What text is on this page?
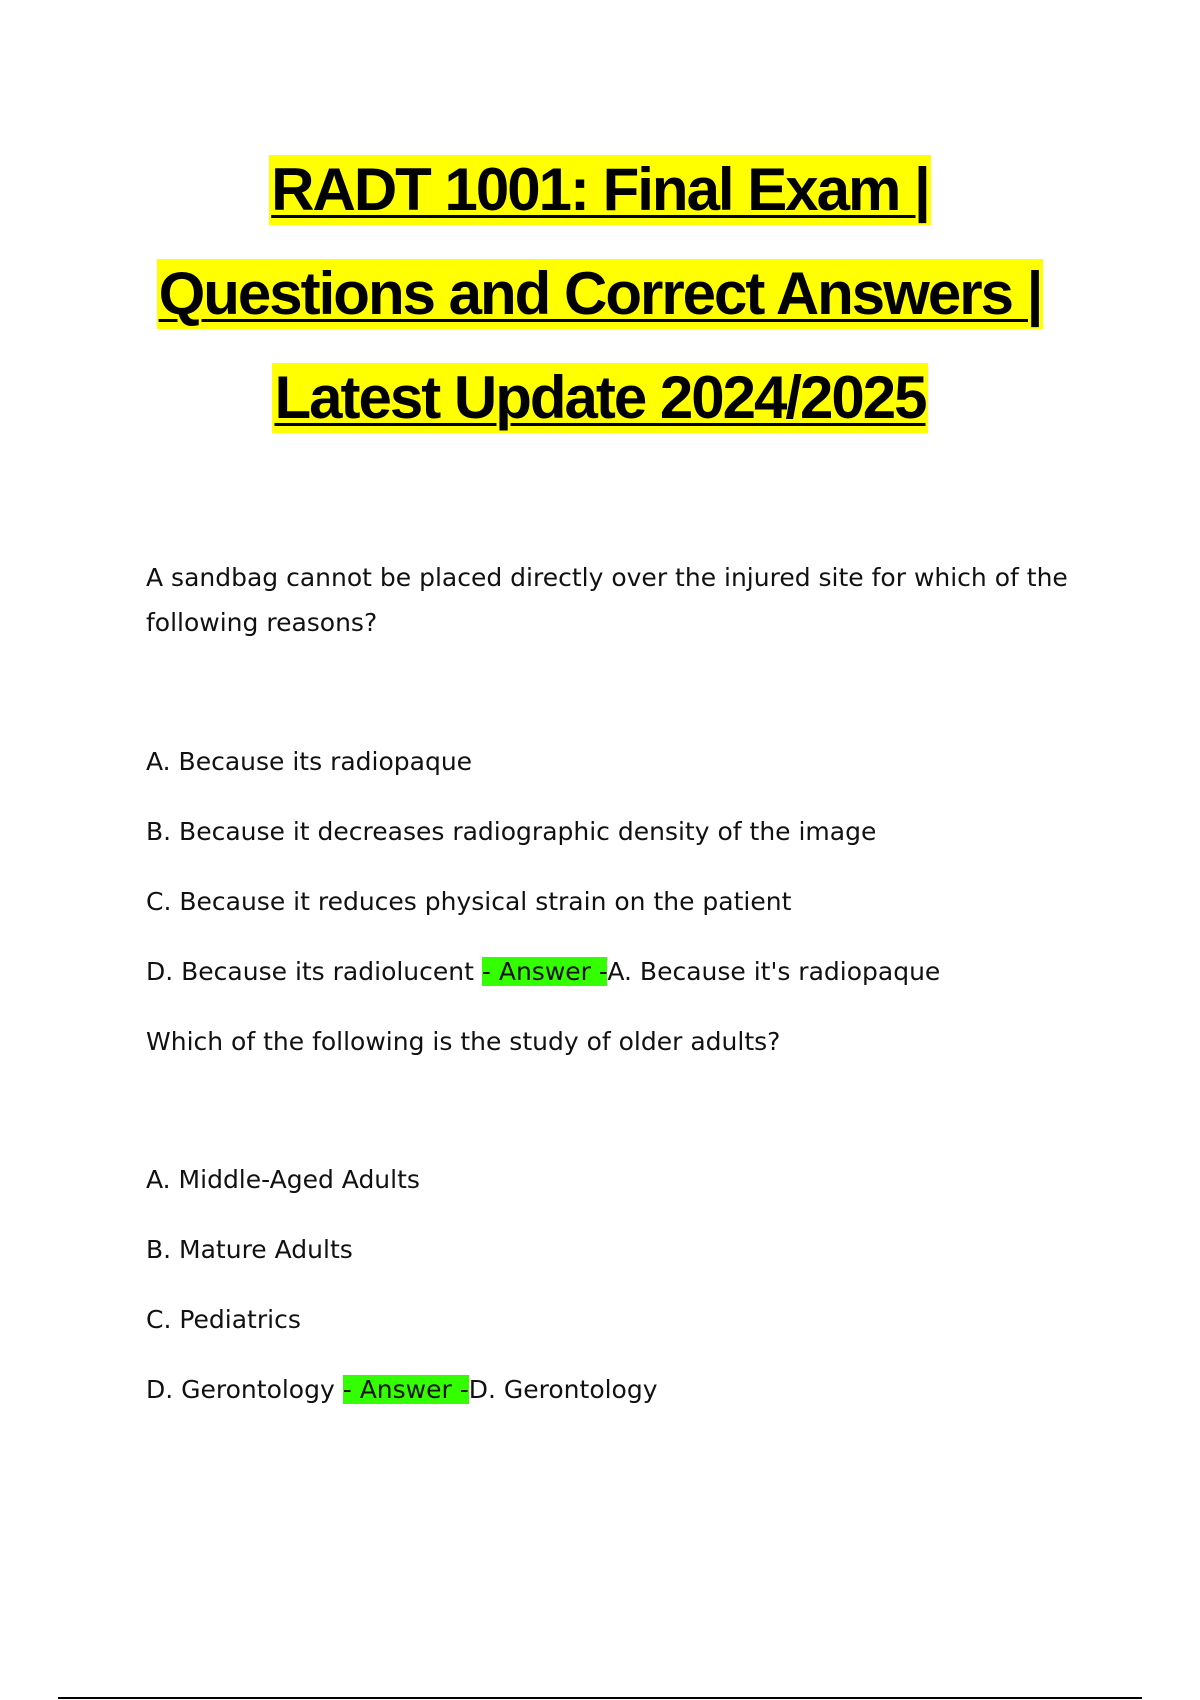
RADT 1001: Final Exam |
Questions and Correct Answers |
Latest Update 2024/2025
A sandbag cannot be placed directly over the injured site for which of the following reasons?
A. Because its radiopaque
B. Because it decreases radiographic density of the image
C. Because it reduces physical strain on the patient
D. Because its radiolucent - Answer -A. Because it's radiopaque
Which of the following is the study of older adults?
A. Middle-Aged Adults
B. Mature Adults
C. Pediatrics
D. Gerontology - Answer -D. Gerontology
